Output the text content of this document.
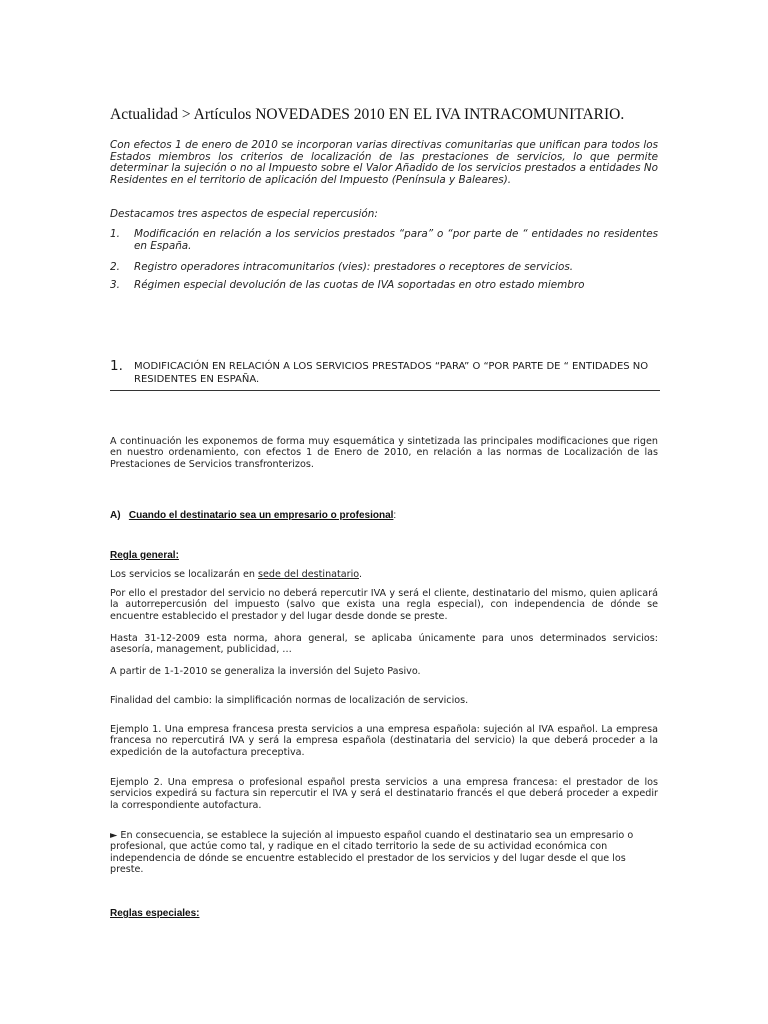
Actualidad > Artículos NOVEDADES 2010 EN EL IVA INTRACOMUNITARIO.

Con efectos 1 de enero de 2010 se incorporan varias directivas comunitarias que unifican para todos los Estados miembros los criterios de localización de las prestaciones de servicios, lo que permite determinar la sujeción o no al Impuesto sobre el Valor Añadido de los servicios prestados a entidades No Residentes en el territorio de aplicación del Impuesto (Península y Baleares).

Destacamos tres aspectos de especial repercusión:

1.	Modificación en relación a los servicios prestados “para” o “por parte de “ entidades no residentes en España.
2.	Registro operadores intracomunitarios (vies): prestadores o receptores de servicios.
3.	Régimen especial devolución de las cuotas de IVA soportadas en otro estado miembro
1.	MODIFICACIÓN EN RELACIÓN A LOS SERVICIOS PRESTADOS “PARA” O “POR PARTE DE “ ENTIDADES NO RESIDENTES EN ESPAÑA.

A continuación les exponemos de forma muy esquemática y sintetizada las principales modificaciones que rigen en nuestro ordenamiento, con efectos 1 de Enero de 2010, en relación a las normas de Localización de las Prestaciones de Servicios transfronterizos.

A) Cuando el destinatario sea un empresario o profesional:
Regla general:

Los servicios se localizarán en sede del destinatario.

Por ello el prestador del servicio no deberá repercutir IVA y será el cliente, destinatario del mismo, quien aplicará la autorrepercusión del impuesto (salvo que exista una regla especial), con independencia de dónde se encuentre establecido el prestador y del lugar desde donde se preste.

Hasta 31-12-2009 esta norma, ahora general, se aplicaba únicamente para unos determinados servicios: asesoría, management, publicidad, …

A partir de 1-1-2010 se generaliza la inversión del Sujeto Pasivo.

Finalidad del cambio: la simplificación normas de localización de servicios.

Ejemplo 1. Una empresa francesa presta servicios a una empresa española: sujeción al IVA español. La empresa francesa no repercutirá IVA y será la empresa española (destinataria del servicio) la que deberá proceder a la expedición de la autofactura preceptiva.

Ejemplo 2. Una empresa o profesional español presta servicios a una empresa francesa: el prestador de los servicios expedirá su factura sin repercutir el IVA y será el destinatario francés el que deberá proceder a expedir la correspondiente autofactura.

► En consecuencia, se establece la sujeción al impuesto español cuando el destinatario sea un empresario o profesional, que actúe como tal, y radique en el citado territorio la sede de su actividad económica con independencia de dónde se encuentre establecido el prestador de los servicios y del lugar desde el que los preste.

Reglas especiales:
